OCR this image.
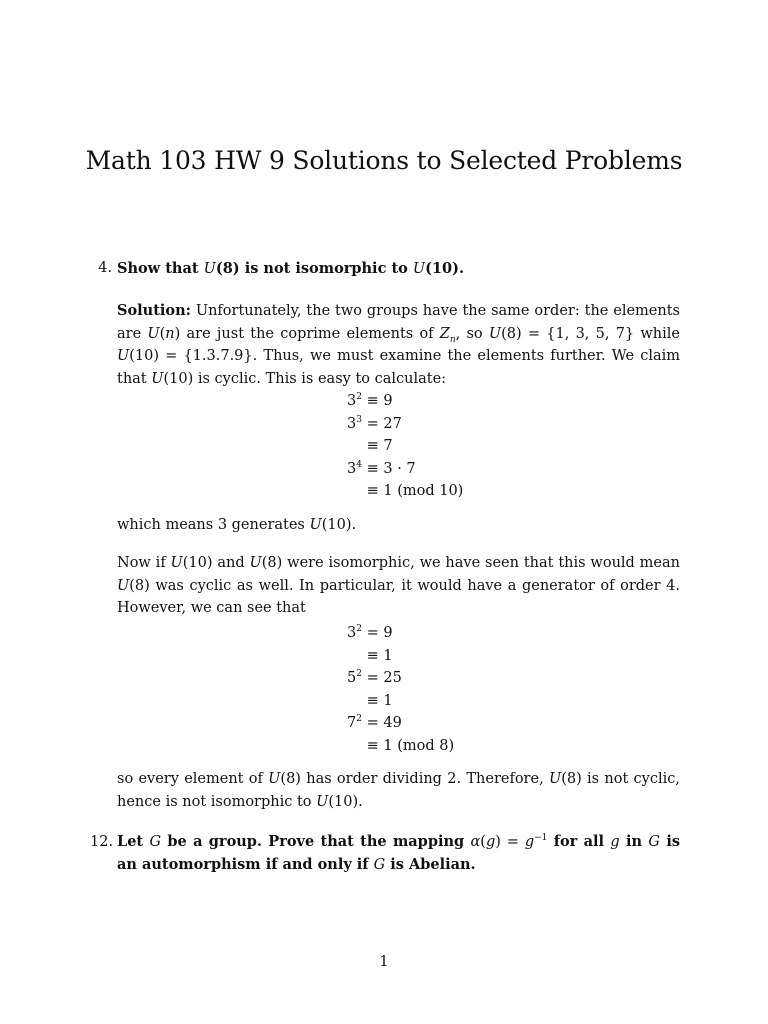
Math 103 HW 9 Solutions to Selected Problems
4. Show that U(8) is not isomorphic to U(10).

Solution: Unfortunately, the two groups have the same order: the elements are U(n) are just the coprime elements of $Z_n$, so U(8) = {1, 3, 5, 7} while U(10) = {1.3.7.9}. Thus, we must examine the elements further. We claim that U(10) is cyclic. This is easy to calculate:

$3^2 \equiv 9$
$3^3 = 27$
≡ 7
$3^4 \equiv 3 \cdot 7$
≡ 1 (mod 10)

which means 3 generates U(10).

Now if U(10) and U(8) were isomorphic, we have seen that this would mean U(8) was cyclic as well. In particular, it would have a generator of order 4. However, we can see that

$3^2 = 9$
≡ 1
$5^2 = 25$
≡ 1
$7^2 = 49$
≡ 1 (mod 8)

so every element of U(8) has order dividing 2. Therefore, U(8) is not cyclic, hence is not isomorphic to U(10).

12. Let G be a group. Prove that the mapping $\alpha(g) = g^{-1}$ for all g in G is an automorphism if and only if G is Abelian.

1
